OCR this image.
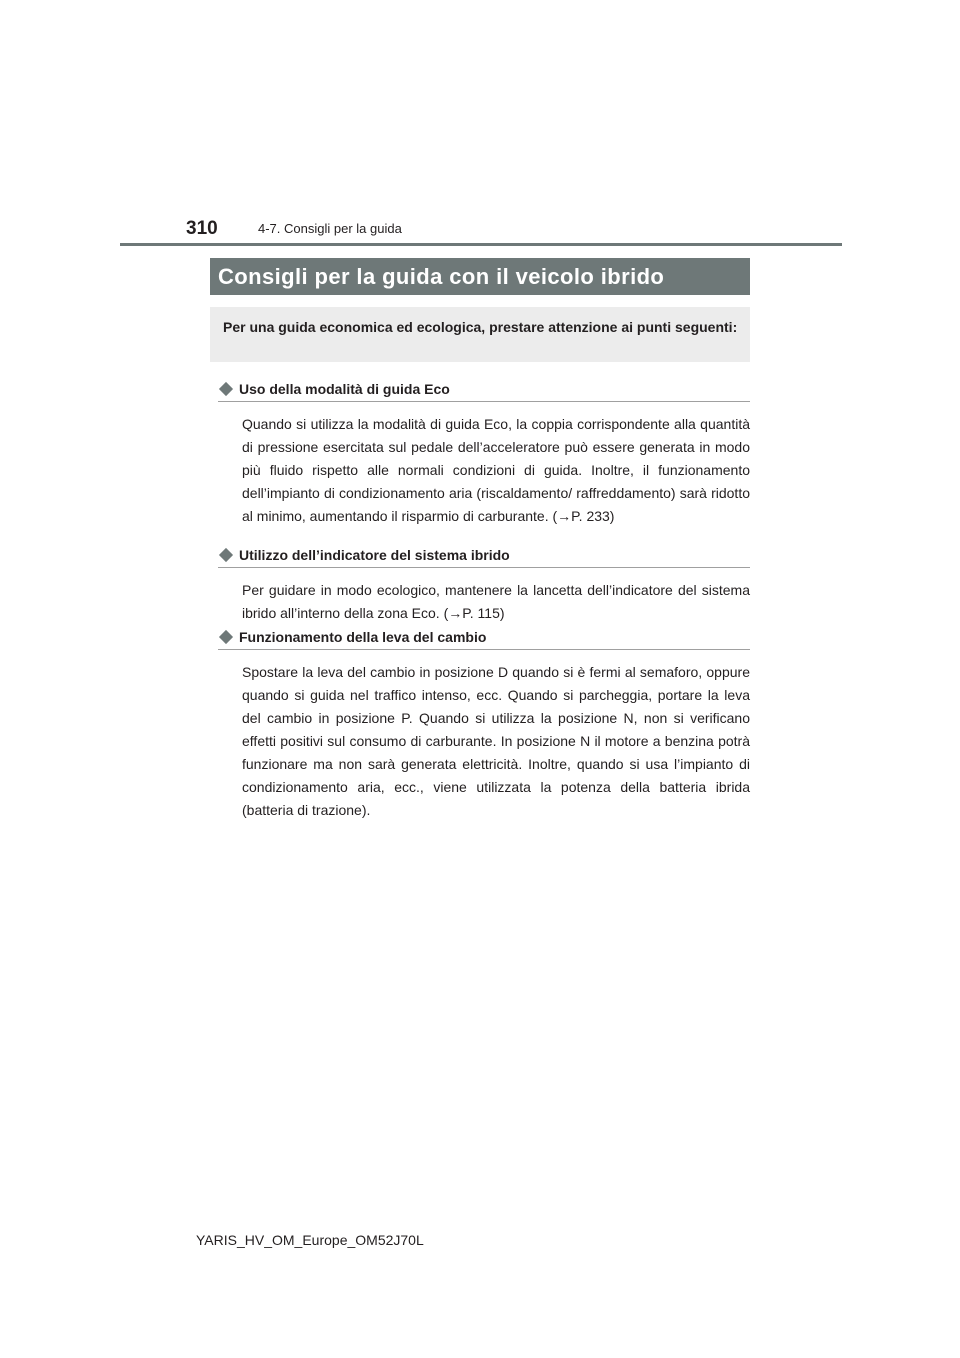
310	4-7. Consigli per la guida
Consigli per la guida con il veicolo ibrido
Per una guida economica ed ecologica, prestare attenzione ai punti seguenti:
Uso della modalità di guida Eco
Quando si utilizza la modalità di guida Eco, la coppia corrispondente alla quantità di pressione esercitata sul pedale dell’acceleratore può essere generata in modo più fluido rispetto alle normali condizioni di guida. Inoltre, il funzionamento dell’impianto di condizionamento aria (riscaldamento/ raffreddamento) sarà ridotto al minimo, aumentando il risparmio di carburante. (→P. 233)
Utilizzo dell’indicatore del sistema ibrido
Per guidare in modo ecologico, mantenere la lancetta dell’indicatore del sistema ibrido all’interno della zona Eco. (→P. 115)
Funzionamento della leva del cambio
Spostare la leva del cambio in posizione D quando si è fermi al semaforo, oppure quando si guida nel traffico intenso, ecc. Quando si parcheggia, portare la leva del cambio in posizione P. Quando si utilizza la posizione N, non si verificano effetti positivi sul consumo di carburante. In posizione N il motore a benzina potrà funzionare ma non sarà generata elettricità. Inoltre, quando si usa l’impianto di condizionamento aria, ecc., viene utilizzata la potenza della batteria ibrida (batteria di trazione).
YARIS_HV_OM_Europe_OM52J70L
